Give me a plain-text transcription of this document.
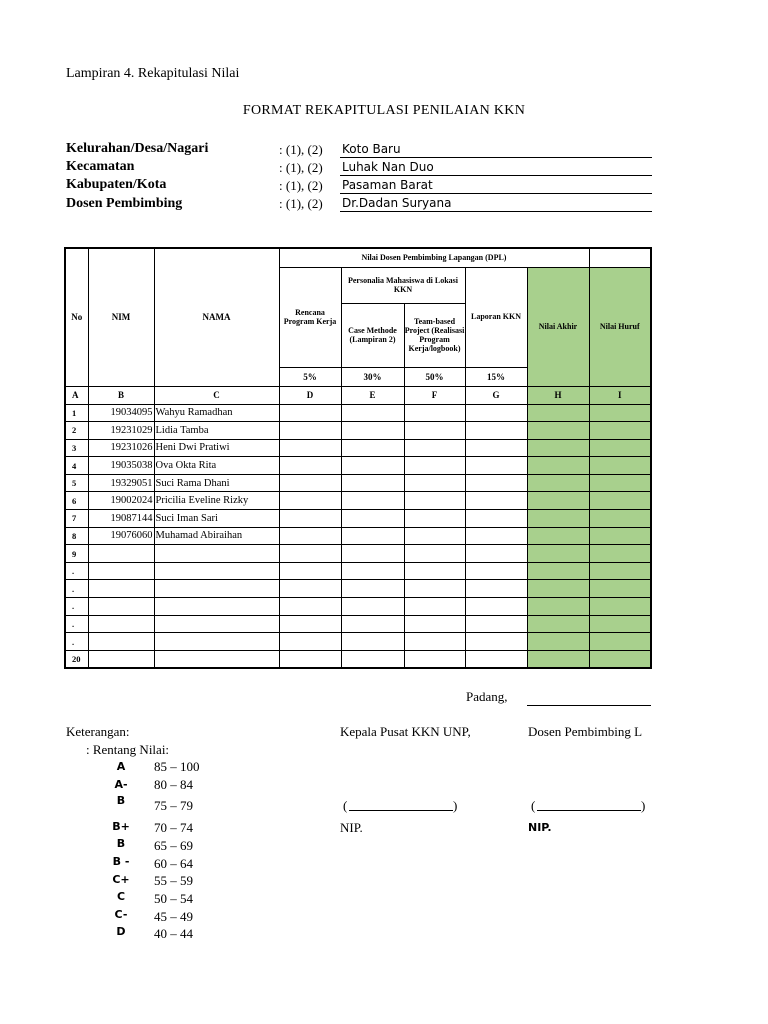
Lampiran 4. Rekapitulasi Nilai
FORMAT REKAPITULASI PENILAIAN KKN
Kelurahan/Desa/Nagari	: (1), (2) Koto Baru
Kecamatan	: (1), (2) Luhak Nan Duo
Kabupaten/Kota	: (1), (2) Pasaman Barat
Dosen Pembimbing	: (1), (2) Dr.Dadan Suryana
No	NIM	NAMA	Nilai Dosen Pembimbing Lapangan (DPL)					
			Rencana Program Kerja	Personalia Mahasiswa di Lokasi KKN		Laporan KKN	Nilai Akhir	Nilai Huruf
				Case Methode (Lampiran 2)	Team-based Project (Realisasi Program Kerja/logbook)			
			5%	30%	50%	15%		
A	B	C	D	E	F	G	H	I
1	19034095	Wahyu Ramadhan						
2	19231029	Lidia Tamba						
3	19231026	Heni Dwi Pratiwi						
4	19035038	Ova Okta Rita						
5	19329051	Suci Rama Dhani						
6	19002024	Pricilia Eveline Rizky						
7	19087144	Suci Iman Sari						
8	19076060	Muhamad Abiraihan						
9								
.								
.								
.								
.								
.								
20								
Padang,
Keterangan:	Kepala Pusat KKN UNP,	Dosen Pembimbing L
: Rentang Nilai:
A	85 – 100
A-	80 – 84
B	75 – 79
B+	70 – 74
B	65 – 69
B -	60 – 64
C+	55 – 59
C	50 – 54
C-	45 – 49
D	40 – 44
(	)	(	)
NIP.	NIP.
